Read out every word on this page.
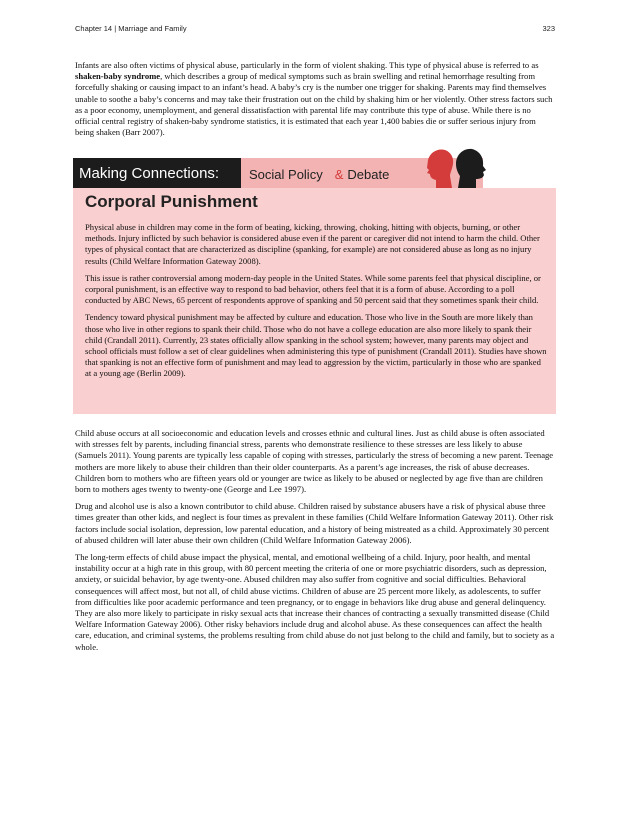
Chapter 14 | Marriage and Family	323

Infants are also often victims of physical abuse, particularly in the form of violent shaking. This type of physical abuse is referred to as shaken-baby syndrome, which describes a group of medical symptoms such as brain swelling and retinal hemorrhage resulting from forcefully shaking or causing impact to an infant’s head. A baby’s cry is the number one trigger for shaking. Parents may find themselves unable to soothe a baby’s concerns and may take their frustration out on the child by shaking him or her violently. Other stress factors such as a poor economy, unemployment, and general dissatisfaction with parental life may contribute this type of abuse. While there is no official central registry of shaken-baby syndrome statistics, it is estimated that each year 1,400 babies die or suffer serious injury from being shaken (Barr 2007).

Making Connections: Social Policy & Debate
Corporal Punishment

Physical abuse in children may come in the form of beating, kicking, throwing, choking, hitting with objects, burning, or other methods. Injury inflicted by such behavior is considered abuse even if the parent or caregiver did not intend to harm the child. Other types of physical contact that are characterized as discipline (spanking, for example) are not considered abuse as long as no injury results (Child Welfare Information Gateway 2008).

This issue is rather controversial among modern-day people in the United States. While some parents feel that physical discipline, or corporal punishment, is an effective way to respond to bad behavior, others feel that it is a form of abuse. According to a poll conducted by ABC News, 65 percent of respondents approve of spanking and 50 percent said that they sometimes spank their child.

Tendency toward physical punishment may be affected by culture and education. Those who live in the South are more likely than those who live in other regions to spank their child. Those who do not have a college education are also more likely to spank their child (Crandall 2011). Currently, 23 states officially allow spanking in the school system; however, many parents may object and school officials must follow a set of clear guidelines when administering this type of punishment (Crandall 2011). Studies have shown that spanking is not an effective form of punishment and may lead to aggression by the victim, particularly in those who are spanked at a young age (Berlin 2009).

Child abuse occurs at all socioeconomic and education levels and crosses ethnic and cultural lines. Just as child abuse is often associated with stresses felt by parents, including financial stress, parents who demonstrate resilience to these stresses are less likely to abuse (Samuels 2011). Young parents are typically less capable of coping with stresses, particularly the stress of becoming a new parent. Teenage mothers are more likely to abuse their children than their older counterparts. As a parent’s age increases, the risk of abuse decreases. Children born to mothers who are fifteen years old or younger are twice as likely to be abused or neglected by age five than are children born to mothers ages twenty to twenty-one (George and Lee 1997).

Drug and alcohol use is also a known contributor to child abuse. Children raised by substance abusers have a risk of physical abuse three times greater than other kids, and neglect is four times as prevalent in these families (Child Welfare Information Gateway 2011). Other risk factors include social isolation, depression, low parental education, and a history of being mistreated as a child. Approximately 30 percent of abused children will later abuse their own children (Child Welfare Information Gateway 2006).

The long-term effects of child abuse impact the physical, mental, and emotional wellbeing of a child. Injury, poor health, and mental instability occur at a high rate in this group, with 80 percent meeting the criteria of one or more psychiatric disorders, such as depression, anxiety, or suicidal behavior, by age twenty-one. Abused children may also suffer from cognitive and social difficulties. Behavioral consequences will affect most, but not all, of child abuse victims. Children of abuse are 25 percent more likely, as adolescents, to suffer from difficulties like poor academic performance and teen pregnancy, or to engage in behaviors like drug abuse and general delinquency. They are also more likely to participate in risky sexual acts that increase their chances of contracting a sexually transmitted disease (Child Welfare Information Gateway 2006). Other risky behaviors include drug and alcohol abuse. As these consequences can affect the health care, education, and criminal systems, the problems resulting from child abuse do not just belong to the child and family, but to society as a whole.
